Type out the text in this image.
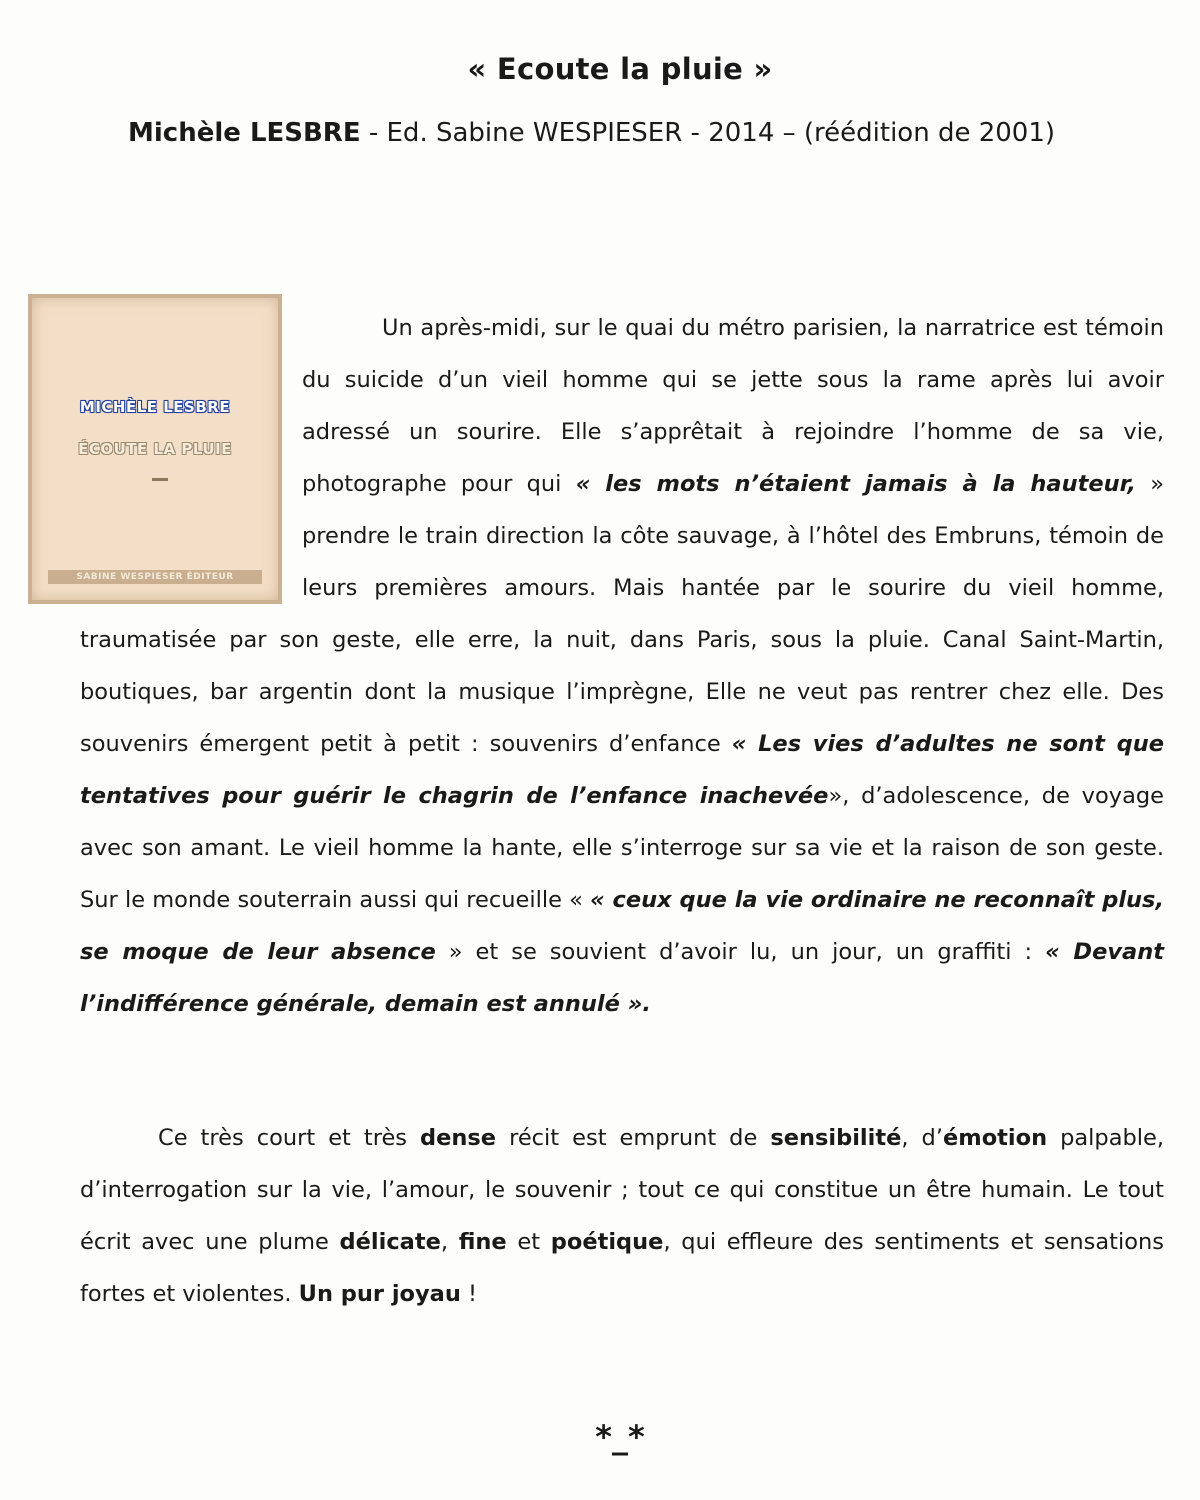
« Ecoute la pluie »
Michèle LESBRE - Ed. Sabine WESPIESER - 2014 – (réédition de 2001)
MICHÈLE LESBRE
ÉCOUTE LA PLUIE
SABINE WESPIESER ÉDITEUR

Un après-midi, sur le quai du métro parisien, la narratrice est témoin du suicide d’un vieil homme qui se jette sous la rame après lui avoir adressé un sourire. Elle s’apprêtait à rejoindre l’homme de sa vie, photographe pour qui « les mots n’étaient jamais à la hauteur, » prendre le train direction la côte sauvage, à l’hôtel des Embruns, témoin de leurs premières amours. Mais hantée par le sourire du vieil homme, traumatisée par son geste, elle erre, la nuit, dans Paris, sous la pluie. Canal Saint-Martin, boutiques, bar argentin dont la musique l’imprègne, Elle ne veut pas rentrer chez elle. Des souvenirs émergent petit à petit : souvenirs d’enfance « Les vies d’adultes ne sont que tentatives pour guérir le chagrin de l’enfance inachevée», d’adolescence, de voyage avec son amant. Le vieil homme la hante, elle s’interroge sur sa vie et la raison de son geste. Sur le monde souterrain aussi qui recueille « « ceux que la vie ordinaire ne reconnaît plus, se moque de leur absence » et se souvient d’avoir lu, un jour, un graffiti : « Devant l’indifférence générale, demain est annulé ».

Ce très court et très dense récit est emprunt de sensibilité, d’émotion palpable, d’interrogation sur la vie, l’amour, le souvenir ; tout ce qui constitue un être humain. Le tout écrit avec une plume délicate, fine et poétique, qui effleure des sentiments et sensations fortes et violentes. Un pur joyau !

*_*
